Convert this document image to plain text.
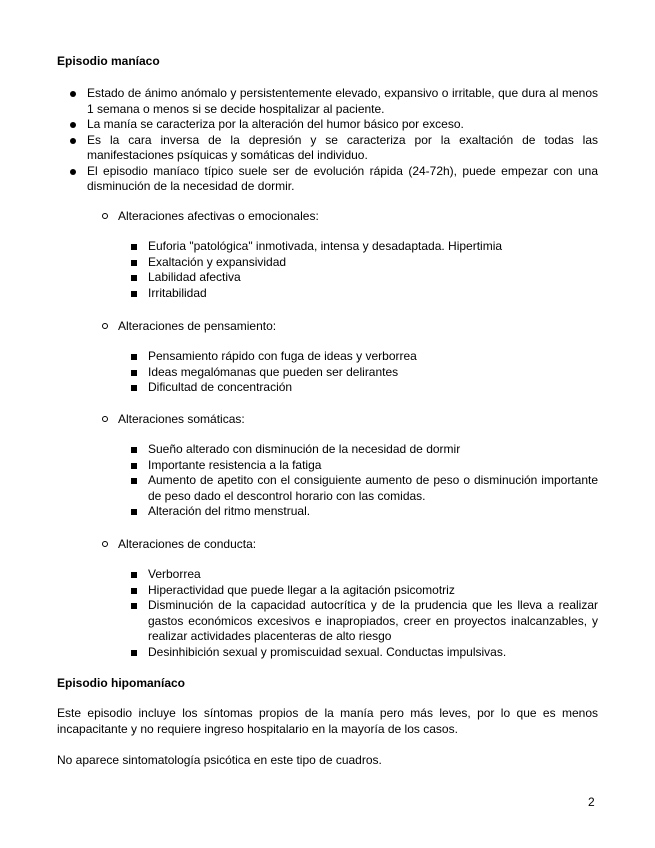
Episodio maníaco
Estado de ánimo anómalo y persistentemente elevado, expansivo o irritable, que dura al menos 1 semana o menos si se decide hospitalizar al paciente.
La manía se caracteriza por la alteración del humor básico por exceso.
Es la cara inversa de la depresión y se caracteriza por la exaltación de todas las manifestaciones psíquicas y somáticas del individuo.
El episodio maníaco típico suele ser de evolución rápida (24-72h), puede empezar con una disminución de la necesidad de dormir.

Alteraciones afectivas o emocionales:

Euforia "patológica" inmotivada, intensa y desadaptada. Hipertimia
Exaltación y expansividad
Labilidad afectiva
Irritabilidad

Alteraciones de pensamiento:

Pensamiento rápido con fuga de ideas y verborrea
Ideas megalómanas que pueden ser delirantes
Dificultad de concentración

Alteraciones somáticas:

Sueño alterado con disminución de la necesidad de dormir
Importante resistencia a la fatiga
Aumento de apetito con el consiguiente aumento de peso o disminución importante de peso dado el descontrol horario con las comidas.
Alteración del ritmo menstrual.

Alteraciones de conducta:

Verborrea
Hiperactividad que puede llegar a la agitación psicomotriz
Disminución de la capacidad autocrítica y de la prudencia que les lleva a realizar gastos económicos excesivos e inapropiados, creer en proyectos inalcanzables, y realizar actividades placenteras de alto riesgo
Desinhibición sexual y promiscuidad sexual. Conductas impulsivas.
Episodio hipomaníaco

Este episodio incluye los síntomas propios de la manía pero más leves, por lo que es menos incapacitante y no requiere ingreso hospitalario en la mayoría de los casos.

No aparece sintomatología psicótica en este tipo de cuadros.

2
